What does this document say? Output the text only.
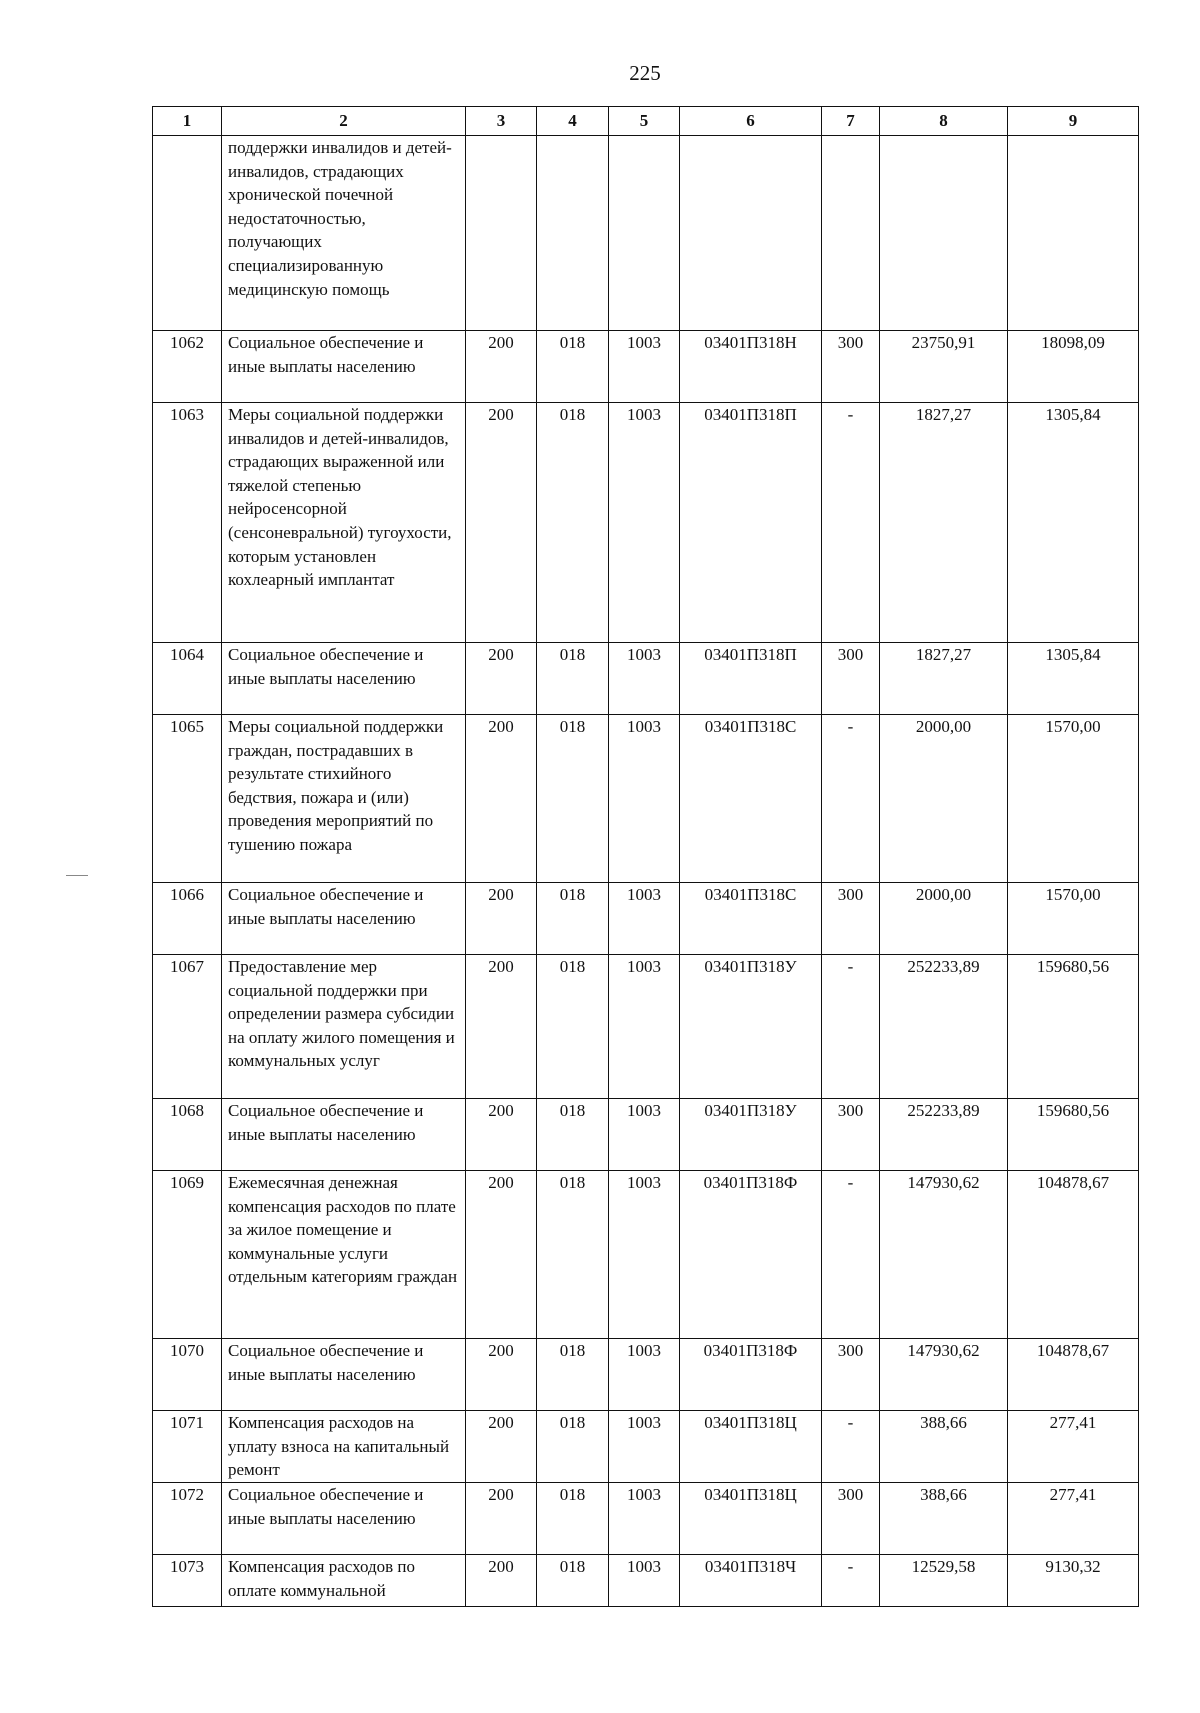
225
1	2	3	4	5	6	7	8	9
	поддержки инвалидов и детей-инвалидов, страдающих хронической почечной недостаточностью, получающих специализированную медицинскую помощь							
1062	Социальное обеспечение и иные выплаты населению	200	018	1003	03401П318Н	300	23750,91	18098,09
1063	Меры социальной поддержки инвалидов и детей-инвалидов, страдающих выраженной или тяжелой степенью нейросенсорной (сенсоневральной) тугоухости, которым установлен кохлеарный имплантат	200	018	1003	03401П318П	-	1827,27	1305,84
1064	Социальное обеспечение и иные выплаты населению	200	018	1003	03401П318П	300	1827,27	1305,84
1065	Меры социальной поддержки граждан, пострадавших в результате стихийного бедствия, пожара и (или) проведения мероприятий по тушению пожара	200	018	1003	03401П318С	-	2000,00	1570,00
1066	Социальное обеспечение и иные выплаты населению	200	018	1003	03401П318С	300	2000,00	1570,00
1067	Предоставление мер социальной поддержки при определении размера субсидии на оплату жилого помещения и коммунальных услуг	200	018	1003	03401П318У	-	252233,89	159680,56
1068	Социальное обеспечение и иные выплаты населению	200	018	1003	03401П318У	300	252233,89	159680,56
1069	Ежемесячная денежная компенсация расходов по плате за жилое помещение и коммунальные услуги отдельным категориям граждан	200	018	1003	03401П318Ф	-	147930,62	104878,67
1070	Социальное обеспечение и иные выплаты населению	200	018	1003	03401П318Ф	300	147930,62	104878,67
1071	Компенсация расходов на уплату взноса на капитальный ремонт	200	018	1003	03401П318Ц	-	388,66	277,41
1072	Социальное обеспечение и иные выплаты населению	200	018	1003	03401П318Ц	300	388,66	277,41
1073	Компенсация расходов по оплате коммунальной	200	018	1003	03401П318Ч	-	12529,58	9130,32
